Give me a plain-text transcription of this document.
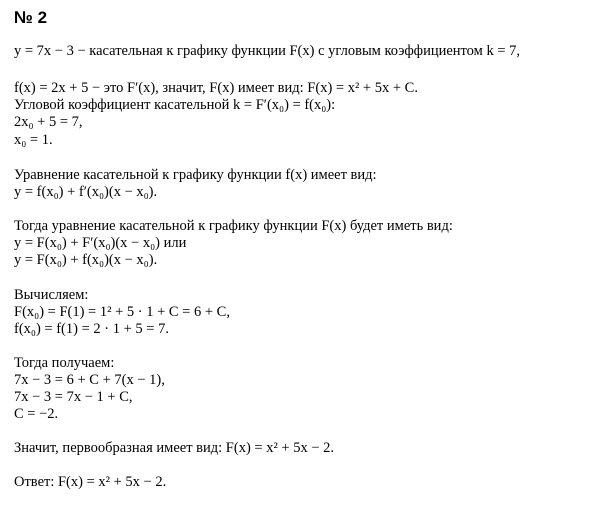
№ 2
y = 7x − 3 − касательная к графику функции F(x) с угловым коэффициентом k = 7,
f(x) = 2x + 5 − это F′(x), значит, F(x) имеет вид: F(x) = x² + 5x + C.
Угловой коэффициент касательной k = F′(x₀) = f(x₀):
2x₀ + 5 = 7,
x₀ = 1.
Уравнение касательной к графику функции f(x) имеет вид:
y = f(x₀) + f′(x₀)(x − x₀).
Тогда уравнение касательной к графику функции F(x) будет иметь вид:
y = F(x₀) + F′(x₀)(x − x₀) или
y = F(x₀) + f(x₀)(x − x₀).
Вычисляем:
F(x₀) = F(1) = 1² + 5 · 1 + C = 6 + C,
f(x₀) = f(1) = 2 · 1 + 5 = 7.
Тогда получаем:
7x − 3 = 6 + C + 7(x − 1),
7x − 3 = 7x − 1 + C,
C = −2.
Значит, первообразная имеет вид: F(x) = x² + 5x − 2.
Ответ: F(x) = x² + 5x − 2.
